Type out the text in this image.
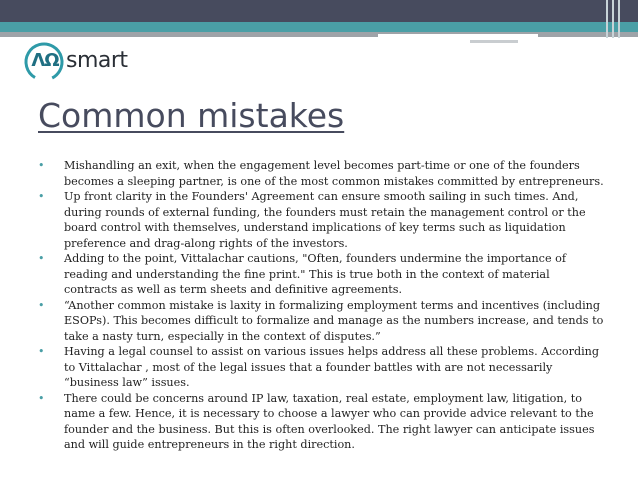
ΛΩ smart
Common mistakes
• Mishandling an exit, when the engagement level becomes part-time or one of the founders becomes a sleeping partner, is one of the most common mistakes committed by entrepreneurs.
• Up front clarity in the Founders' Agreement can ensure smooth sailing in such times. And, during rounds of external funding, the founders must retain the management control or the board control with themselves, understand implications of key terms such as liquidation preference and drag-along rights of the investors.
• Adding to the point, Vittalachar cautions, "Often, founders undermine the importance of reading and understanding the fine print." This is true both in the context of material contracts as well as term sheets and definitive agreements.
• “Another common mistake is laxity in formalizing employment terms and incentives (including ESOPs). This becomes difficult to formalize and manage as the numbers increase, and tends to take a nasty turn, especially in the context of disputes.”
• Having a legal counsel to assist on various issues helps address all these problems. According to Vittalachar , most of the legal issues that a founder battles with are not necessarily “business law” issues.
• There could be concerns around IP law, taxation, real estate, employment law, litigation, to name a few. Hence, it is necessary to choose a lawyer who can provide advice relevant to the founder and the business. But this is often overlooked. The right lawyer can anticipate issues and will guide entrepreneurs in the right direction.
